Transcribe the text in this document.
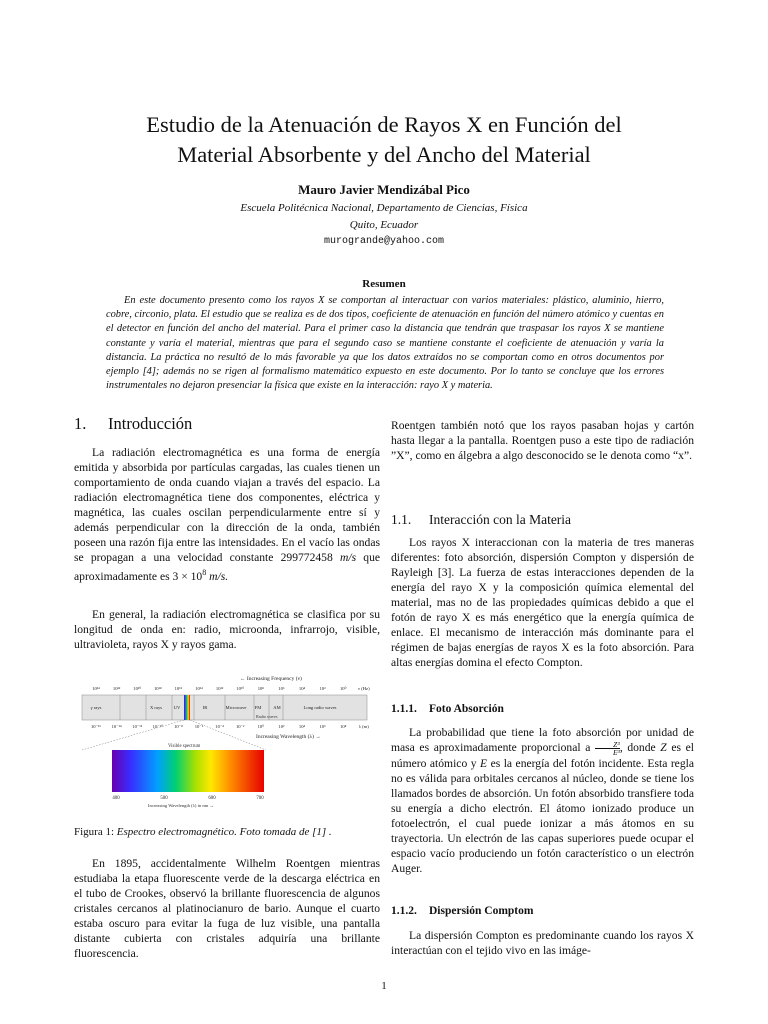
Estudio de la Atenuación de Rayos X en Función del
Material Absorbente y del Ancho del Material
Mauro Javier Mendizábal Pico
Escuela Politécnica Nacional, Departamento de Ciencias, Física
Quito, Ecuador
murogrande@yahoo.com
Resumen
En este documento presento como los rayos X se comportan al interactuar con varios materiales: plástico, aluminio, hierro, cobre, circonio, plata. El estudio que se realiza es de dos tipos, coeficiente de atenuación en función del número atómico y cuentas en el detector en función del ancho del material. Para el primer caso la distancia que tendrán que traspasar los rayos X se mantiene constante y varía el material, mientras que para el segundo caso se mantiene constante el coeficiente de atenuación y varía la distancia. La práctica no resultó de lo más favorable ya que los datos extraídos no se comportan como en otros documentos por ejemplo [4]; además no se rigen al formalismo matemático expuesto en este documento. Por lo tanto se concluye que los errores instrumentales no dejaron presenciar la física que existe en la interacción: rayo X y materia.
1. Introducción

La radiación electromagnética es una forma de energía emitida y absorbida por partículas cargadas, las cuales tienen un comportamiento de onda cuando viajan a través del espacio. La radiación electromagnética tiene dos componentes, eléctrica y magnética, las cuales oscilan perpendicularmente entre sí y además perpendicular con la dirección de la onda, también poseen una razón fija entre las intensidades. En el vacío las ondas se propagan a una velocidad constante 299772458 m/s que aproximadamente es $3 \times 10^8$ m/s.

En general, la radiación electromagnética se clasifica por su longitud de onda en: radio, microonda, infrarrojo, visible, ultravioleta, rayos X y rayos gama.

← Increasing Frequency (ν)
10²⁴	10²²	10²⁰	10¹⁸	10¹⁶	10¹⁴	10¹²	10¹⁰	10⁸	10⁶	10⁴	10²	10⁰	ν (Hz)
γ rays	X rays	UV	IR	Microwave FM	AM	Long radio waves
Radio waves
10⁻¹⁶ 10⁻¹⁴ 10⁻¹² 10⁻¹⁰ 10⁻⁸	10⁻⁶	10⁻⁴	10⁻²	10⁰	10²	10⁴	10⁶	10⁸	λ (m)
Increasing Wavelength (λ) →
Visible spectrum
400	500	600	700
Increasing Wavelength (λ) in nm →
Figura 1: Espectro electromagnético. Foto tomada de [1] .

En 1895, accidentalmente Wilhelm Roentgen mientras estudiaba la etapa fluorescente verde de la descarga eléctrica en el tubo de Crookes, observó la brillante fluorescencia de algunos cristales cercanos al platinocianuro de bario. Aunque el cuarto estaba oscuro para evitar la fuga de luz visible, una pantalla distante cubierta con cristales adquiría una brillante fluorescencia.

Roentgen también notó que los rayos pasaban hojas y cartón hasta llegar a la pantalla. Roentgen puso a este tipo de radiación ”X”, como en álgebra a algo desconocido se le denota como “x”.

1.1. Interacción con la Materia

Los rayos X interaccionan con la materia de tres maneras diferentes: foto absorción, dispersión Compton y dispersión de Rayleigh [3]. La fuerza de estas interacciones dependen de la energía del rayo X y la composición química elemental del material, mas no de las propiedades químicas debido a que el fotón de rayo X es más energético que la energía química de enlace. El mecanismo de interacción más dominante para el régimen de bajas energías de rayos X es la foto absorción. Para altas energías domina el efecto Compton.

1.1.1. Foto Absorción

La probabilidad que tiene la foto absorción por unidad de masa es aproximadamente proporcional a $\frac{\text{Z³}}{\text{E³}}$ , donde Z es el número atómico y E es la energía del fotón incidente. Esta regla no es válida para orbitales cercanos al núcleo, donde se tiene los llamados bordes de absorción. Un fotón absorbido transfiere toda su energía a dicho electrón. El átomo ionizado produce un fotoelectrón, el cual puede ionizar a más átomos en su trayectoria. Un electrón de las capas superiores puede ocupar el espacio vacío produciendo un fotón característico o un electrón Auger.

1.1.2. Dispersión Comptom

La dispersión Compton es predominante cuando los rayos X interactúan con el tejido vivo en las imáge-

1
